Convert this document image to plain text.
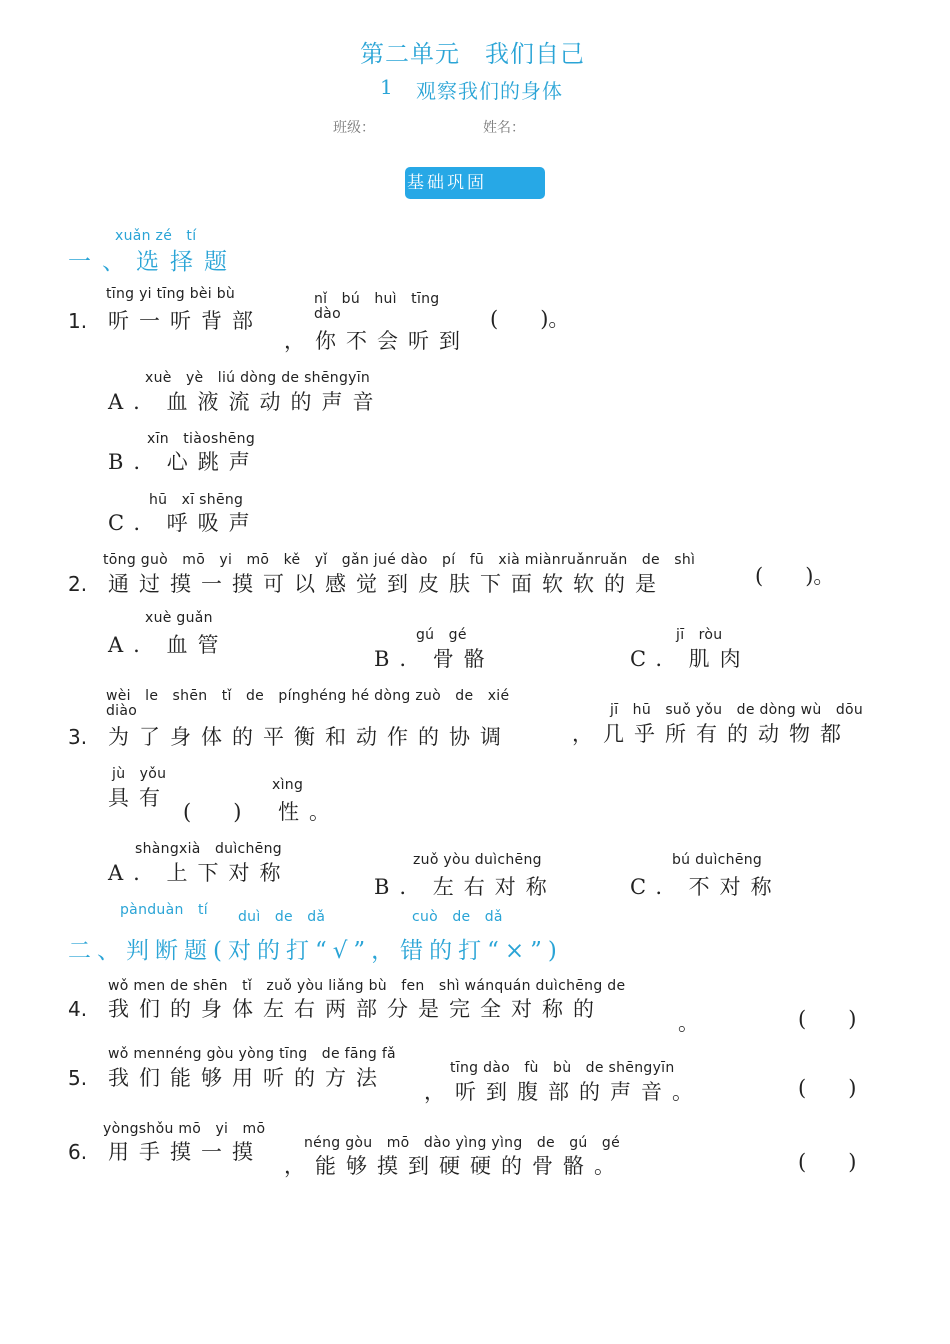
第二单元　我们自己
1 观察我们的身体
班级：	姓名：
基础巩固
xuǎn zé　tí
一、选择题
1.
tīng yi tīng bèi bù
听一听背部
nǐ　bú　huì　tīng
dào
，你不会听到
(　　)。
xuè　yè　liú dòng de shēngyīn
A. 血液流动的声音
xīn　tiàoshēng
B. 心跳声
hū　xī shēng
C. 呼吸声
2.
tōng guò　mō　yi　mō　kě　yǐ　gǎn jué dào　pí　fū　xià miànruǎnruǎn　de　shì
通过摸一摸可以感觉到皮肤下面软软的是	(　　)。
xuè guǎn
A. 血管	gú　gé
B. 骨骼
jī　ròu
C. 肌肉
3.
wèi　le　shēn　tǐ　de　pínghéng hé dòng zuò　de　xié
diào
为了身体的平衡和动作的协调
jī　hū　suǒ yǒu　de dòng wù　dōu
，几乎所有的动物都
jù　yǒu
具有
(　　)
xìng
性。
shàngxià　duìchēng
A. 上下对称
zuǒ yòu duìchēng
B. 左右对称
bú duìchēng
C. 不对称
pànduàn　tí duì　de　dǎ	cuò　de　dǎ
二、判断题(对的打“√”，错的打“×”)
4.
wǒ men de shēn　tǐ　zuǒ yòu liǎng bù　fen　shì wánquán duìchēng de
我们的身体左右两部分是完全对称的
。	(　　)
5.
wǒ mennéng gòu yòng tīng　de fāng fǎ
我们能够用听的方法	tīng dào　fù　bù　de shēngyīn
，听到腹部的声音。	(　　)
6.
yòngshǒu mō　yi　mō
用手摸一摸	néng gòu　mō　dào yìng yìng　de　gú　gé
，能够摸到硬硬的骨骼。	(　　)
